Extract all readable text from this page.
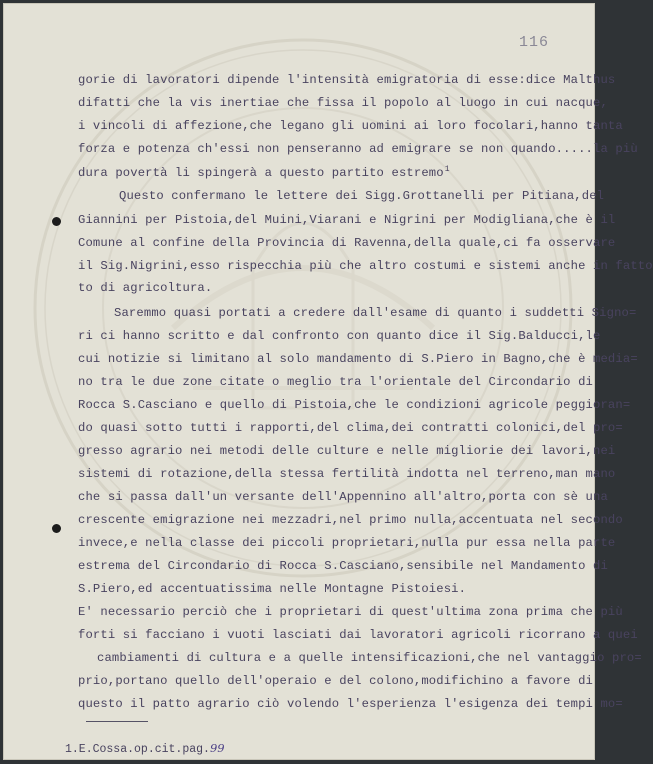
116
gorie di lavoratori dipende l'intensità emigratoria di esse:dice Malthus
difatti che la vis inertiae che fissa il popolo al luogo in cui nacque,
i vincoli di affezione,che legano gli uomini ai loro focolari,hanno tanta
forza e potenza ch'essi non penseranno ad emigrare se non quando.....la più
dura povertà li spingerà a questo partito estremo$^1$
Questo confermano le lettere dei Sigg.Grottanelli per Pitiana,del
Giannini per Pistoia,del Muini,Viarani e Nigrini per Modigliana,che è il
Comune al confine della Provincia di Ravenna,della quale,ci fa osservare
il Sig.Nigrini,esso rispecchia più che altro costumi e sistemi anche in fatto
to di agricoltura.
Saremmo quasi portati a credere dall'esame di quanto i suddetti Signo=
ri ci hanno scritto e dal confronto con quanto dice il Sig.Balducci,le
cui notizie si limitano al solo mandamento di S.Piero in Bagno,che è media=
no tra le due zone citate o meglio tra l'orientale del Circondario di
Rocca S.Casciano e quello di Pistoia,che le condizioni agricole peggioran=
do quasi sotto tutti i rapporti,del clima,dei contratti colonici,del pro=
gresso agrario nei metodi delle culture e nelle migliorie dei lavori,nei
sistemi di rotazione,della stessa fertilità indotta nel terreno,man mano
che si passa dall'un versante dell'Appennino all'altro,porta con sè una
crescente emigrazione nei mezzadri,nel primo nulla,accentuata nel secondo
invece,e nella classe dei piccoli proprietari,nulla pur essa nella parte
estrema del Circondario di Rocca S.Casciano,sensibile nel Mandamento di
S.Piero,ed accentuatissima nelle Montagne Pistoiesi.
E' necessario perciò che i proprietari di quest'ultima zona prima che più
forti si facciano i vuoti lasciati dai lavoratori agricoli ricorrano a quei
cambiamenti di cultura e a quelle intensificazioni,che nel vantaggio pro=
prio,portano quello dell'operaio e del colono,modifichino a favore di
questo il patto agrario ciò volendo l'esperienza l'esigenza dei tempi mo=
1.E.Cossa.op.cit.pag.99
